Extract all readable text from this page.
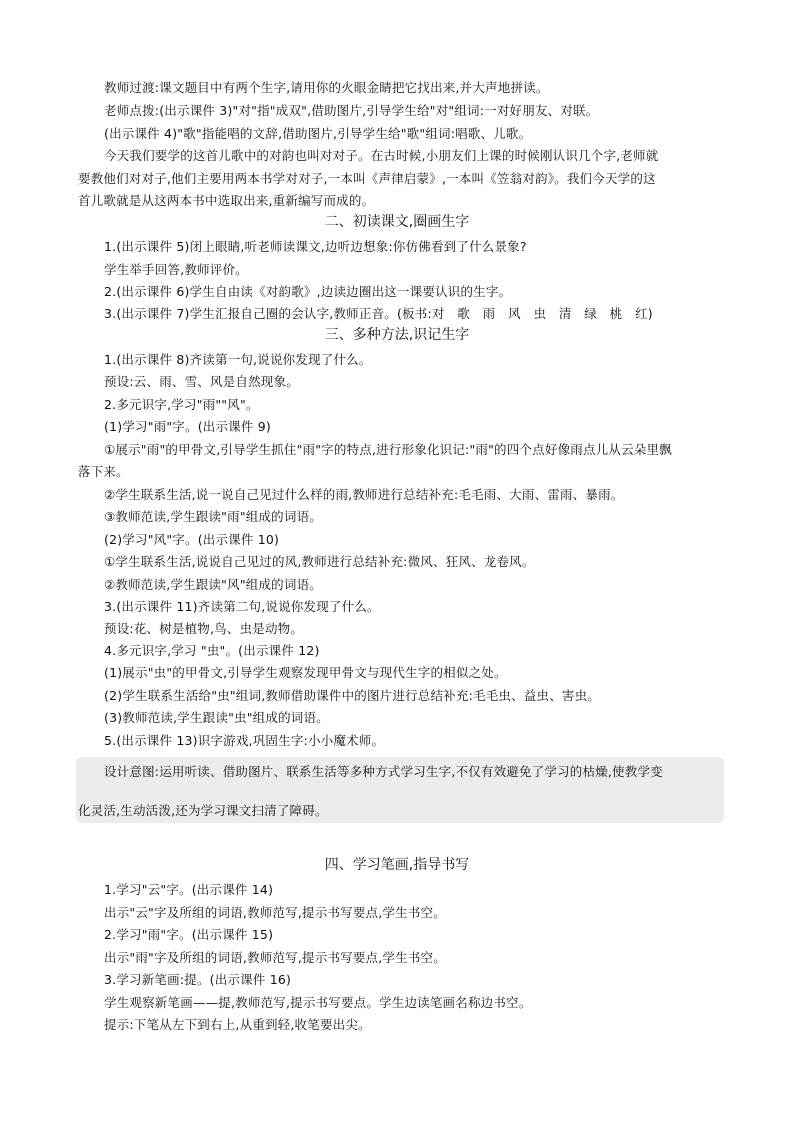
教师过渡:课文题目中有两个生字,请用你的火眼金睛把它找出来,并大声地拼读。
老师点拨:(出示课件 3)"对"指"成双",借助图片,引导学生给"对"组词:一对好朋友、对联。
(出示课件 4)"歌"指能唱的文辞,借助图片,引导学生给"歌"组词:唱歌、儿歌。
今天我们要学的这首儿歌中的对韵也叫对对子。在古时候,小朋友们上课的时候刚认识几个字,老师就
要教他们对对子,他们主要用两本书学对对子,一本叫《声律启蒙》,一本叫《笠翁对韵》。我们今天学的这
首儿歌就是从这两本书中选取出来,重新编写而成的。
二、初读课文,圈画生字
1.(出示课件 5)闭上眼睛,听老师读课文,边听边想象:你仿佛看到了什么景象?
学生举手回答,教师评价。
2.(出示课件 6)学生自由读《对韵歌》,边读边圈出这一课要认识的生字。
3.(出示课件 7)学生汇报自己圈的会认字,教师正音。(板书:对　歌　雨　风　虫　清　绿　桃　红)
三、多种方法,识记生字
1.(出示课件 8)齐读第一句,说说你发现了什么。
预设:云、雨、雪、风是自然现象。
2.多元识字,学习"雨""风"。
(1)学习"雨"字。(出示课件 9)
①展示"雨"的甲骨文,引导学生抓住"雨"字的特点,进行形象化识记:"雨"的四个点好像雨点儿从云朵里飘
落下来。
②学生联系生活,说一说自己见过什么样的雨,教师进行总结补充:毛毛雨、大雨、雷雨、暴雨。
③教师范读,学生跟读"雨"组成的词语。
(2)学习"风"字。(出示课件 10)
①学生联系生活,说说自己见过的风,教师进行总结补充:微风、狂风、龙卷风。
②教师范读,学生跟读"风"组成的词语。
3.(出示课件 11)齐读第二句,说说你发现了什么。
预设:花、树是植物,鸟、虫是动物。
4.多元识字,学习 "虫"。(出示课件 12)
(1)展示"虫"的甲骨文,引导学生观察发现甲骨文与现代生字的相似之处。
(2)学生联系生活给"虫"组词,教师借助课件中的图片进行总结补充:毛毛虫、益虫、害虫。
(3)教师范读,学生跟读"虫"组成的词语。
5.(出示课件 13)识字游戏,巩固生字:小小魔术师。
设计意图:运用听读、借助图片、联系生活等多种方式学习生字,不仅有效避免了学习的枯燥,使教学变
化灵活,生动活泼,还为学习课文扫清了障碍。
四、学习笔画,指导书写
1.学习"云"字。(出示课件 14)
出示"云"字及所组的词语,教师范写,提示书写要点,学生书空。
2.学习"雨"字。(出示课件 15)
出示"雨"字及所组的词语,教师范写,提示书写要点,学生书空。
3.学习新笔画:提。(出示课件 16)
学生观察新笔画——提,教师范写,提示书写要点。学生边读笔画名称边书空。
提示:下笔从左下到右上,从重到轻,收笔要出尖。
